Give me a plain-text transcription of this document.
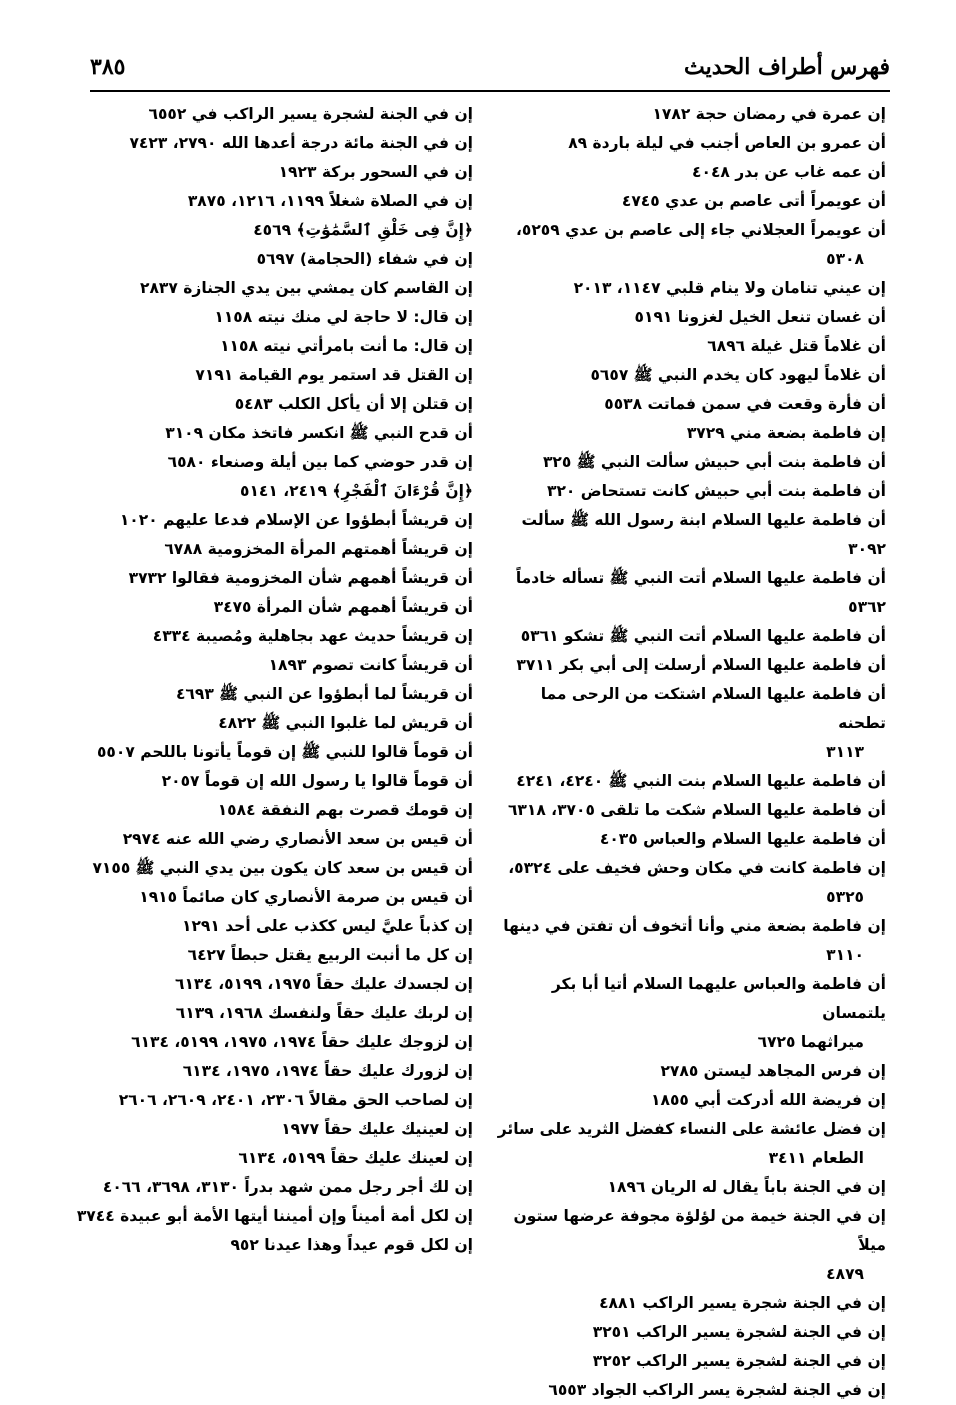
فهرس أطراف الحديث
٣٨٥
إن عمرة في رمضان حجة ١٧٨٢
أن عمرو بن العاص أجنب في ليلة باردة ٨٩
أن عمه غاب عن بدر ٤٠٤٨
أن عويمراً أتى عاصم بن عدي ٤٧٤٥
أن عويمراً العجلاني جاء إلى عاصم بن عدي ٥٢٥٩،
٥٣٠٨
إن عيني تنامان ولا ينام قلبي ١١٤٧، ٢٠١٣
أن غسان تنعل الخيل لغزونا ٥١٩١
أن غلاماً قتل غيلة ٦٨٩٦
أن غلاماً ليهود كان يخدم النبي ﷺ ٥٦٥٧
أن فأرة وقعت في سمن فماتت ٥٥٣٨
إن فاطمة بضعة مني ٣٧٢٩
أن فاطمة بنت أبي حبيش سألت النبي ﷺ ٣٢٥
أن فاطمة بنت أبي حبيش كانت تستحاض ٣٢٠
أن فاطمة عليها السلام ابنة رسول الله ﷺ سألت ٣٠٩٢
أن فاطمة عليها السلام أتت النبي ﷺ تسأله خادماً ٥٣٦٢
أن فاطمة عليها السلام أتت النبي ﷺ تشكو ٥٣٦١
أن فاطمة عليها السلام أرسلت إلى أبي بكر ٣٧١١
أن فاطمة عليها السلام اشتكت من الرحى مما تطحنه
٣١١٣
أن فاطمة عليها السلام بنت النبي ﷺ ٤٢٤٠، ٤٢٤١
أن فاطمة عليها السلام شكت ما تلقى ٣٧٠٥، ٦٣١٨
أن فاطمة عليها السلام والعباس ٤٠٣٥
إن فاطمة كانت في مكان وحش فخيف على ٥٣٢٤،
٥٣٢٥
إن فاطمة بضعة مني وأنا أتخوف أن تفتن في دينها
٣١١٠
أن فاطمة والعباس عليهما السلام أتيا أبا بكر يلتمسان
ميراثهما ٦٧٢٥
إن فرس المجاهد ليستن ٢٧٨٥
إن فريضة الله أدركت أبي ١٨٥٥
إن فضل عائشة على النساء كفضل الثريد على سائر
الطعام ٣٤١١
إن في الجنة باباً يقال له الريان ١٨٩٦
إن في الجنة خيمة من لؤلؤة مجوفة عرضها ستون ميلاً
٤٨٧٩
إن في الجنة شجرة يسير الراكب ٤٨٨١
إن في الجنة لشجرة يسير الراكب ٣٢٥١
إن في الجنة لشجرة يسير الراكب ٣٢٥٢
إن في الجنة لشجرة يسر الراكب الجواد ٦٥٥٣
إن في الجنة لشجرة يسير الراكب في ٦٥٥٢
إن في الجنة مائة درجة أعدها الله ٢٧٩٠، ٧٤٢٣
إن في السحور بركة ١٩٢٣
إن في الصلاة شغلاً ١١٩٩، ١٢١٦، ٣٨٧٥
﴿إِنَّ فِى خَلْقِ ٱلسَّمَٰوَٰتِ﴾ ٤٥٦٩
إن في شفاء (الحجامة) ٥٦٩٧
إن القاسم كان يمشي بين يدي الجنازة ٢٨٣٧
إن قال: لا حاجة لي منك نيته ١١٥٨
إن قال: ما أنت بامرأتي نيته ١١٥٨
إن القتل قد استمر يوم القيامة ٧١٩١
إن قتلن إلا أن يأكل الكلب ٥٤٨٣
أن قدح النبي ﷺ انكسر فاتخذ مكان ٣١٠٩
إن قدر حوضي كما بين أيلة وصنعاء ٦٥٨٠
﴿إِنَّ قُرْءَانَ ٱلْفَجْرِ﴾ ٢٤١٩، ٥١٤١
إن قريشاً أبطؤوا عن الإسلام فدعا عليهم ١٠٢٠
إن قريشاً أهمتهم المرأة المخزومية ٦٧٨٨
أن قريشاً أهمهم شأن المخزومية فقالوا ٣٧٣٢
أن قريشاً أهمهم شأن المرأة ٣٤٧٥
إن قريشاً حديث عهد بجاهلية ومُصيبة ٤٣٣٤
أن قريشاً كانت تصوم ١٨٩٣
أن قريشاً لما أبطؤوا عن النبي ﷺ ٤٦٩٣
أن قريش لما غلبوا النبي ﷺ ٤٨٢٢
أن قوماً قالوا للنبي ﷺ إن قوماً يأتونا باللحم ٥٥٠٧
أن قوماً قالوا يا رسول الله إن قوماً ٢٠٥٧
إن قومك قصرت بهم النفقة ١٥٨٤
أن قيس بن سعد الأنصاري رضي الله عنه ٢٩٧٤
أن قيس بن سعد كان يكون بين يدي النبي ﷺ ٧١٥٥
أن قيس بن صرمة الأنصاري كان صائماً ١٩١٥
إن كذباً عليَّ ليس ككذب على أحد ١٢٩١
إن كل ما أنبت الربيع يقتل حبطاً ٦٤٢٧
إن لجسدك عليك حقاً ١٩٧٥، ٥١٩٩، ٦١٣٤
إن لربك عليك حقاً ولنفسك ١٩٦٨، ٦١٣٩
إن لزوجك عليك حقاً ١٩٧٤، ١٩٧٥، ٥١٩٩، ٦١٣٤
إن لزورك عليك حقاً ١٩٧٤، ١٩٧٥، ٦١٣٤
إن لصاحب الحق مقالاً ٢٣٠٦، ٢٤٠١، ٢٦٠٩، ٢٦٠٦
إن لعينيك عليك حقاً ١٩٧٧
إن لعينك عليك حقاً ٥١٩٩، ٦١٣٤
إن لك أجر رجل ممن شهد بدراً ٣١٣٠، ٣٦٩٨، ٤٠٦٦
إن لكل أمة أميناً وإن أميننا أيتها الأمة أبو عبيدة ٣٧٤٤
إن لكل قوم عيداً وهذا عيدنا ٩٥٢
